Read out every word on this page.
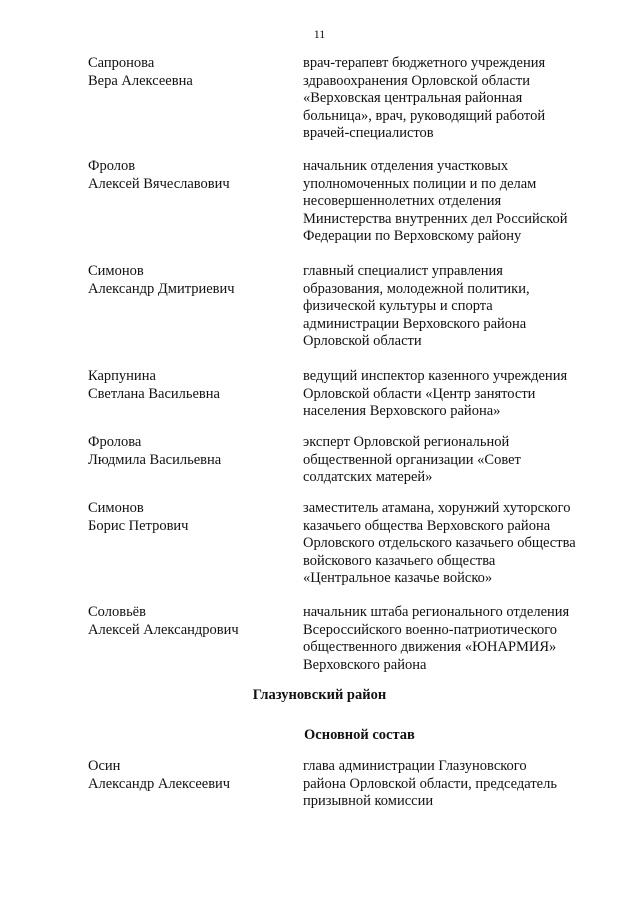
11
Сапронова
Вера Алексеевна
врач-терапевт бюджетного учреждения
здравоохранения Орловской области
«Верховская центральная районная
больница», врач, руководящий работой
врачей-специалистов
Фролов
Алексей Вячеславович
начальник отделения участковых
уполномоченных полиции и по делам
несовершеннолетних отделения
Министерства внутренних дел Российской
Федерации по Верховскому району
Симонов
Александр Дмитриевич
главный специалист управления
образования, молодежной политики,
физической культуры и спорта
администрации Верховского района
Орловской области
Карпунина
Светлана Васильевна
ведущий инспектор казенного учреждения
Орловской области «Центр занятости
населения Верховского района»
Фролова
Людмила Васильевна
эксперт Орловской региональной
общественной организации «Совет
солдатских матерей»
Симонов
Борис Петрович
заместитель атамана, хорунжий хуторского
казачьего общества Верховского района
Орловского отдельского казачьего общества
войскового казачьего общества
«Центральное казачье войско»
Соловьёв
Алексей Александрович
начальник штаба регионального отделения
Всероссийского военно-патриотического
общественного движения «ЮНАРМИЯ»
Верховского района
Глазуновский район
Основной состав
Осин
Александр Алексеевич
глава администрации Глазуновского
района Орловской области, председатель
призывной комиссии
